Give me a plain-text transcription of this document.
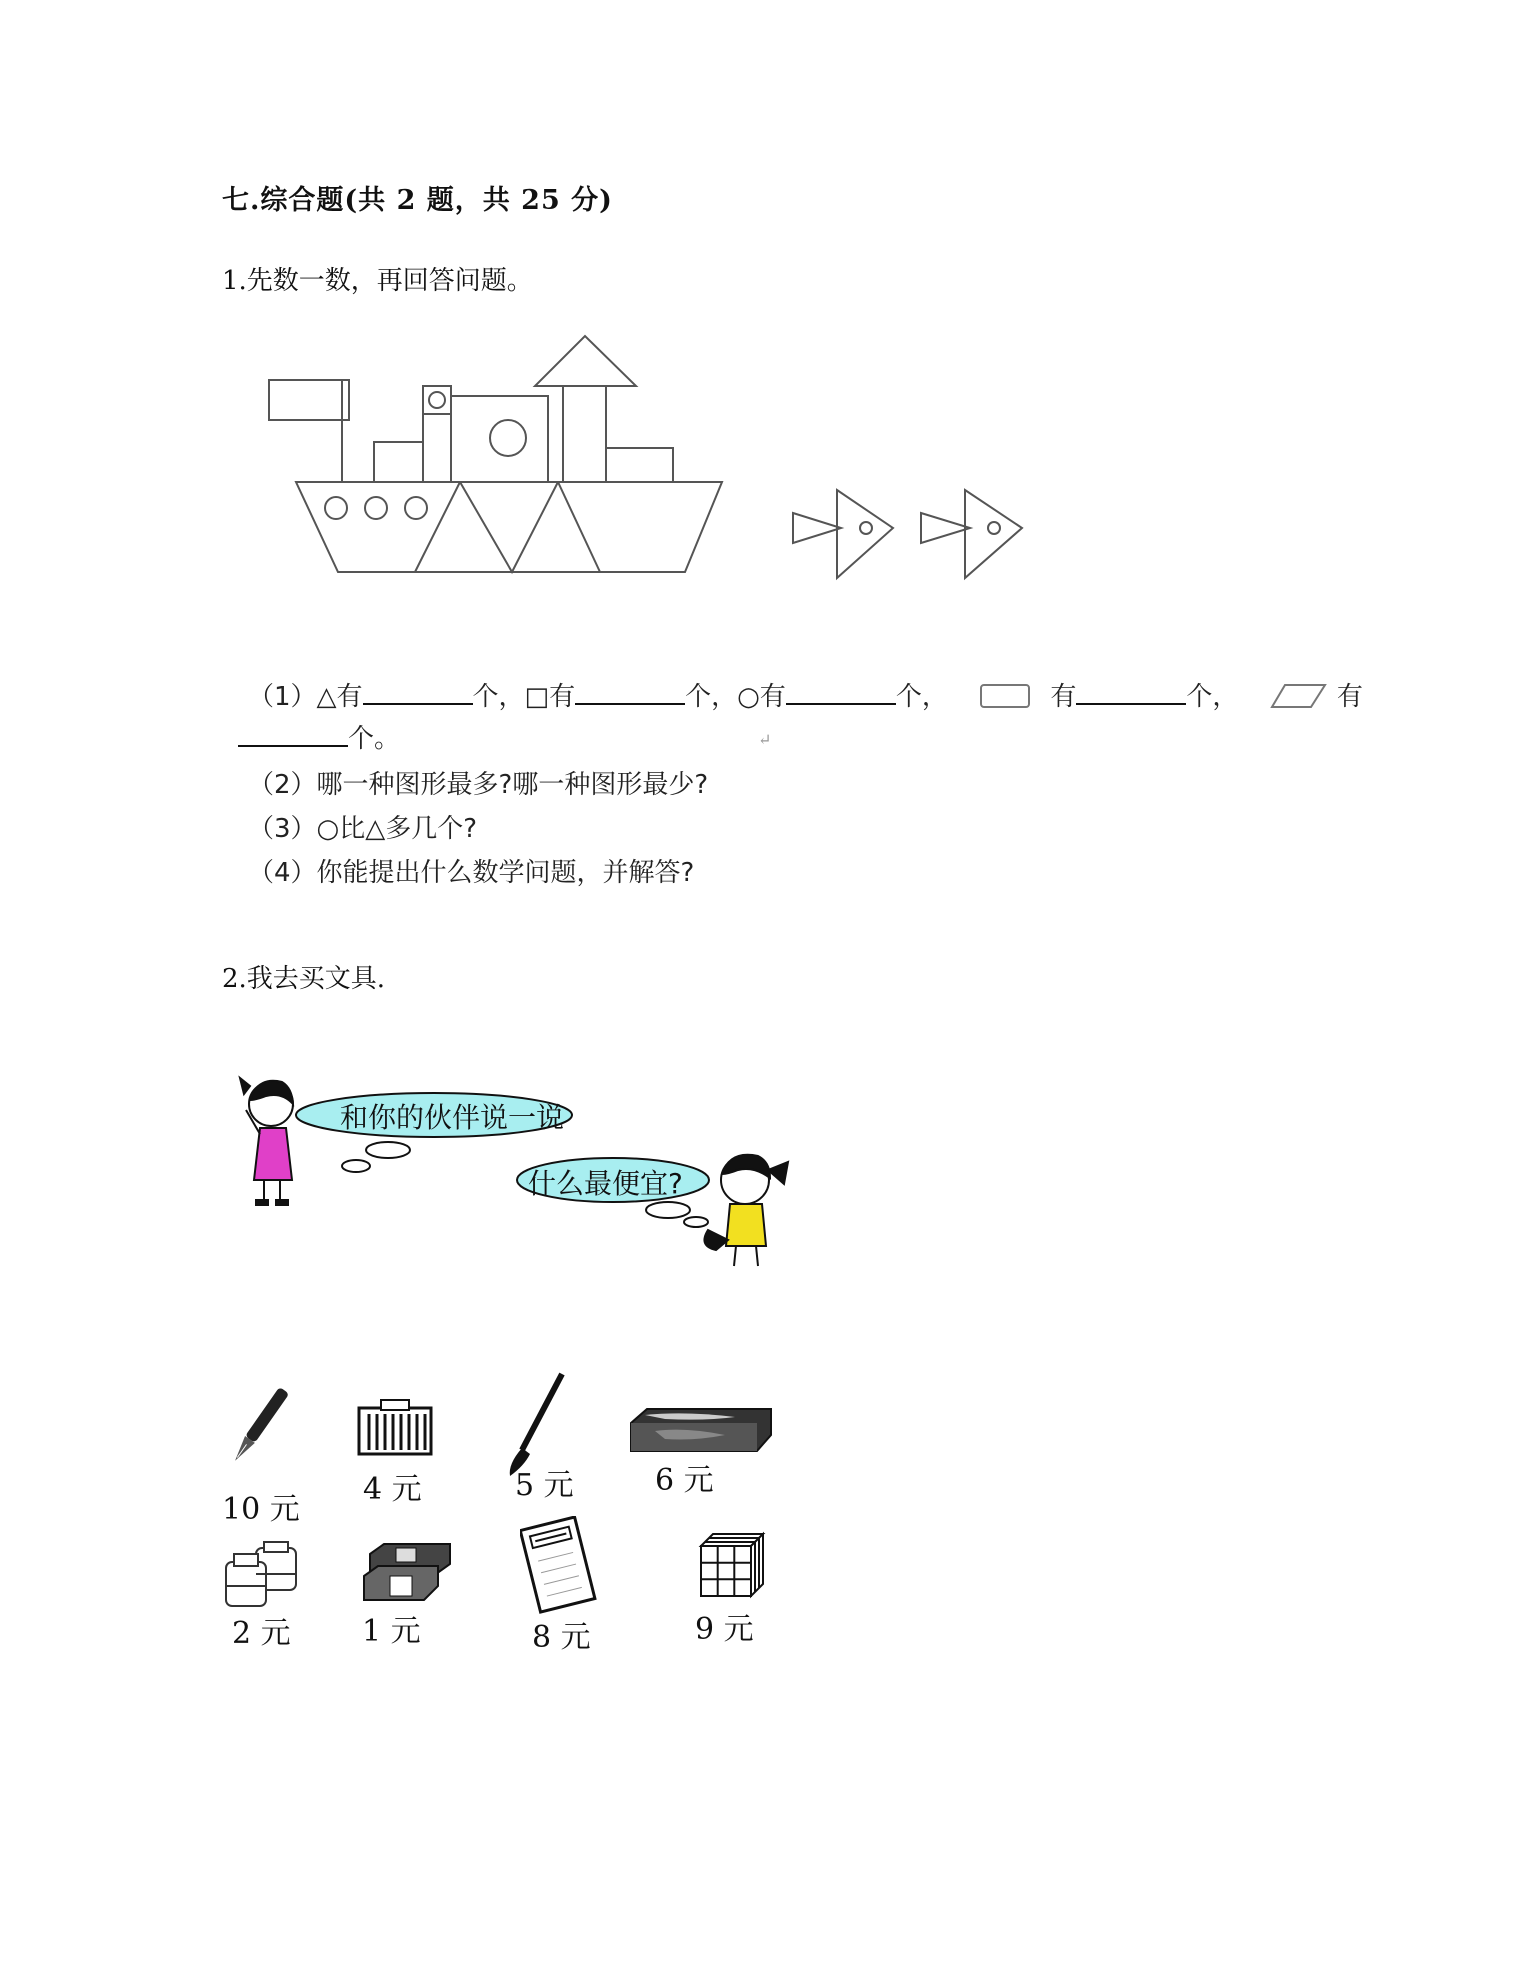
七.综合题(共 2 题，共 25 分)
1.先数一数，再回答问题。
（1）△有	个，□有	个，○有	个，	有	个，	有
个。	↵
（2）哪一种图形最多?哪一种图形最少?
（3）○比△多几个?
（4）你能提出什么数学问题，并解答?
2.我去买文具.
和你的伙伴说一说
什么最便宜?
10 元
4 元	5 元	6 元
2 元 1 元	8 元	9 元
